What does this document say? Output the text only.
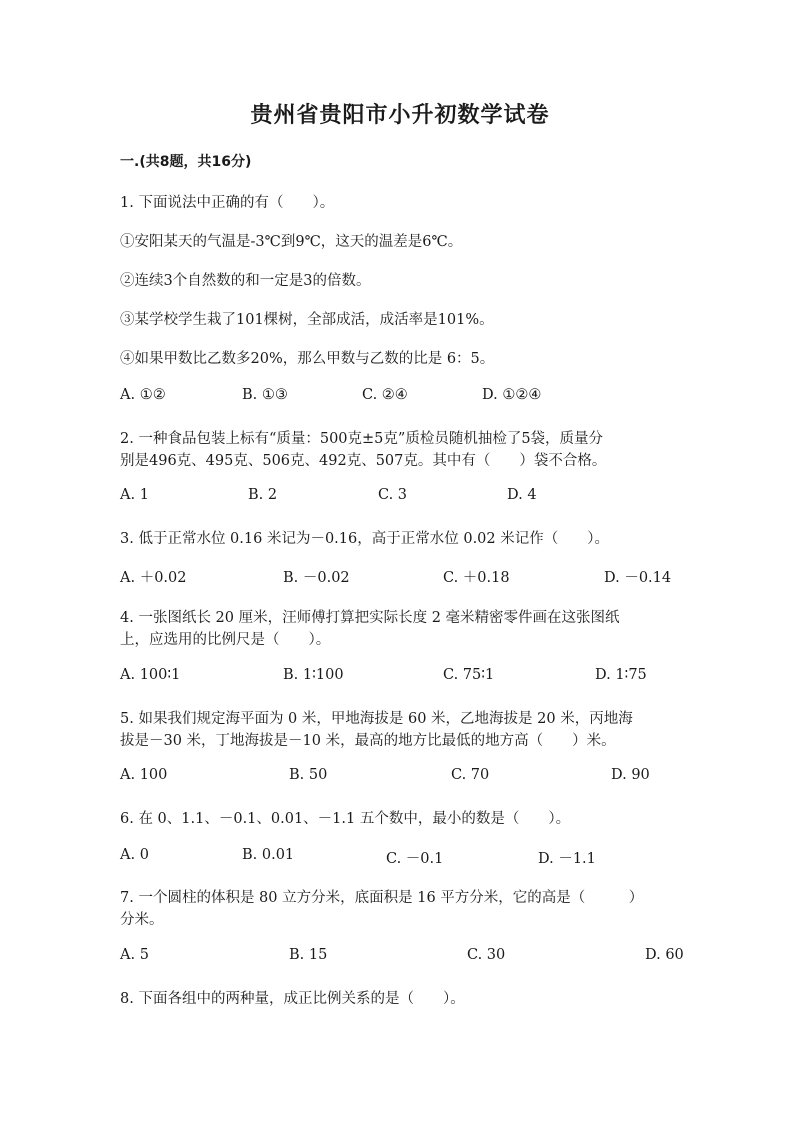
贵州省贵阳市小升初数学试卷
一.(共8题，共16分)
1. 下面说法中正确的有（　　）。
①安阳某天的气温是-3℃到9℃，这天的温差是6℃。
②连续3个自然数的和一定是3的倍数。
③某学校学生栽了101棵树，全部成活，成活率是101%。
④如果甲数比乙数多20%，那么甲数与乙数的比是 6：5。
A. ①②	B. ①③	C. ②④	D. ①②④
2. 一种食品包装上标有“质量：500克±5克”质检员随机抽检了5袋，质量分
别是496克、495克、506克、492克、507克。其中有（　　）袋不合格。
A. 1	B. 2	C. 3	D. 4
3. 低于正常水位 0.16 米记为－0.16，高于正常水位 0.02 米记作（　　）。
A. ＋0.02	B. －0.02	C. ＋0.18	D. －0.14
4. 一张图纸长 20 厘米，汪师傅打算把实际长度 2 毫米精密零件画在这张图纸
上，应选用的比例尺是（　　）。
A. 100∶1	B. 1∶100	C. 75∶1	D. 1∶75
5. 如果我们规定海平面为 0 米，甲地海拔是 60 米，乙地海拔是 20 米，丙地海
拔是－30 米，丁地海拔是－10 米，最高的地方比最低的地方高（　　）米。
A. 100	B. 50	C. 70	D. 90
6. 在 0、1.1、－0.1、0.01、－1.1 五个数中，最小的数是（　　）。
A. 0	B. 0.01	C. －0.1	D. －1.1
7. 一个圆柱的体积是 80 立方分米，底面积是 16 平方分米，它的高是（　　　）
分米。
A. 5	B. 15	C. 30	D. 60
8. 下面各组中的两种量，成正比例关系的是（　　）。
